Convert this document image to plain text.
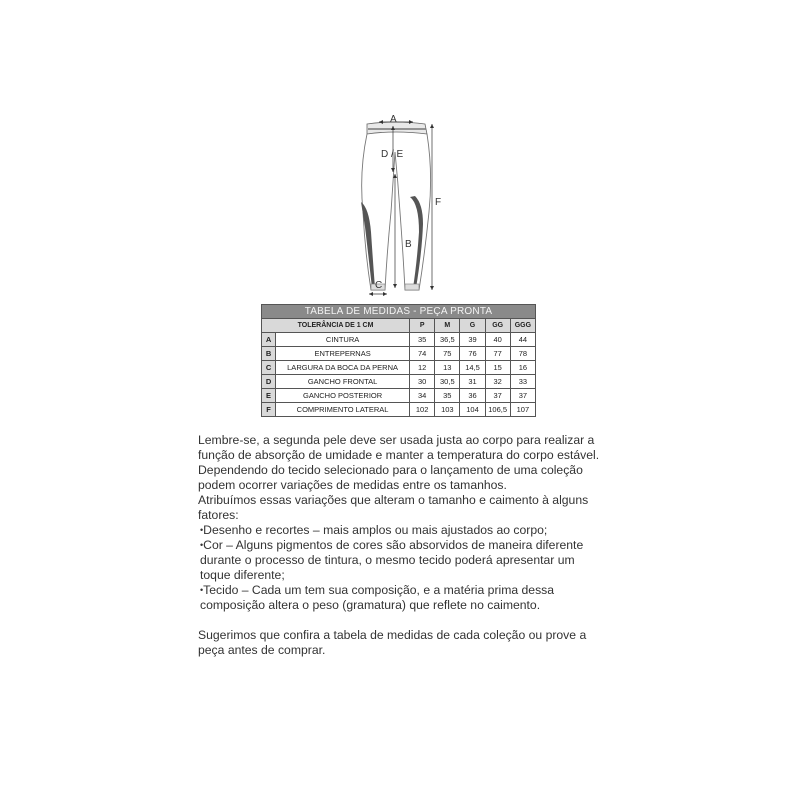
A
D / E
B
C
F
TABELA DE MEDIDAS - PEÇA PRONTA						
TOLERÂNCIA DE 1 CM		P	M	G	GG	GGG
A	CINTURA	35	36,5	39	40	44
B	ENTREPERNAS	74	75	76	77	78
C	LARGURA DA BOCA DA PERNA	12	13	14,5	15	16
D	GANCHO FRONTAL	30	30,5	31	32	33
E	GANCHO POSTERIOR	34	35	36	37	37
F	COMPRIMENTO LATERAL	102	103	104	106,5	107

Lembre-se, a segunda pele deve ser usada justa ao corpo para realizar a função de absorção de umidade e manter a temperatura do corpo estável.

Dependendo do tecido selecionado para o lançamento de uma coleção podem ocorrer variações de medidas entre os tamanhos.

Atribuímos essas variações que alteram o tamanho e caimento à alguns fatores:

•Desenho e recortes – mais amplos ou mais ajustados ao corpo;

•Cor – Alguns pigmentos de cores são absorvidos de maneira diferente durante o processo de tintura, o mesmo tecido poderá apresentar um toque diferente;

•Tecido – Cada um tem sua composição, e a matéria prima dessa composição altera o peso (gramatura) que reflete no caimento.

Sugerimos que confira a tabela de medidas de cada coleção ou prove a peça antes de comprar.
